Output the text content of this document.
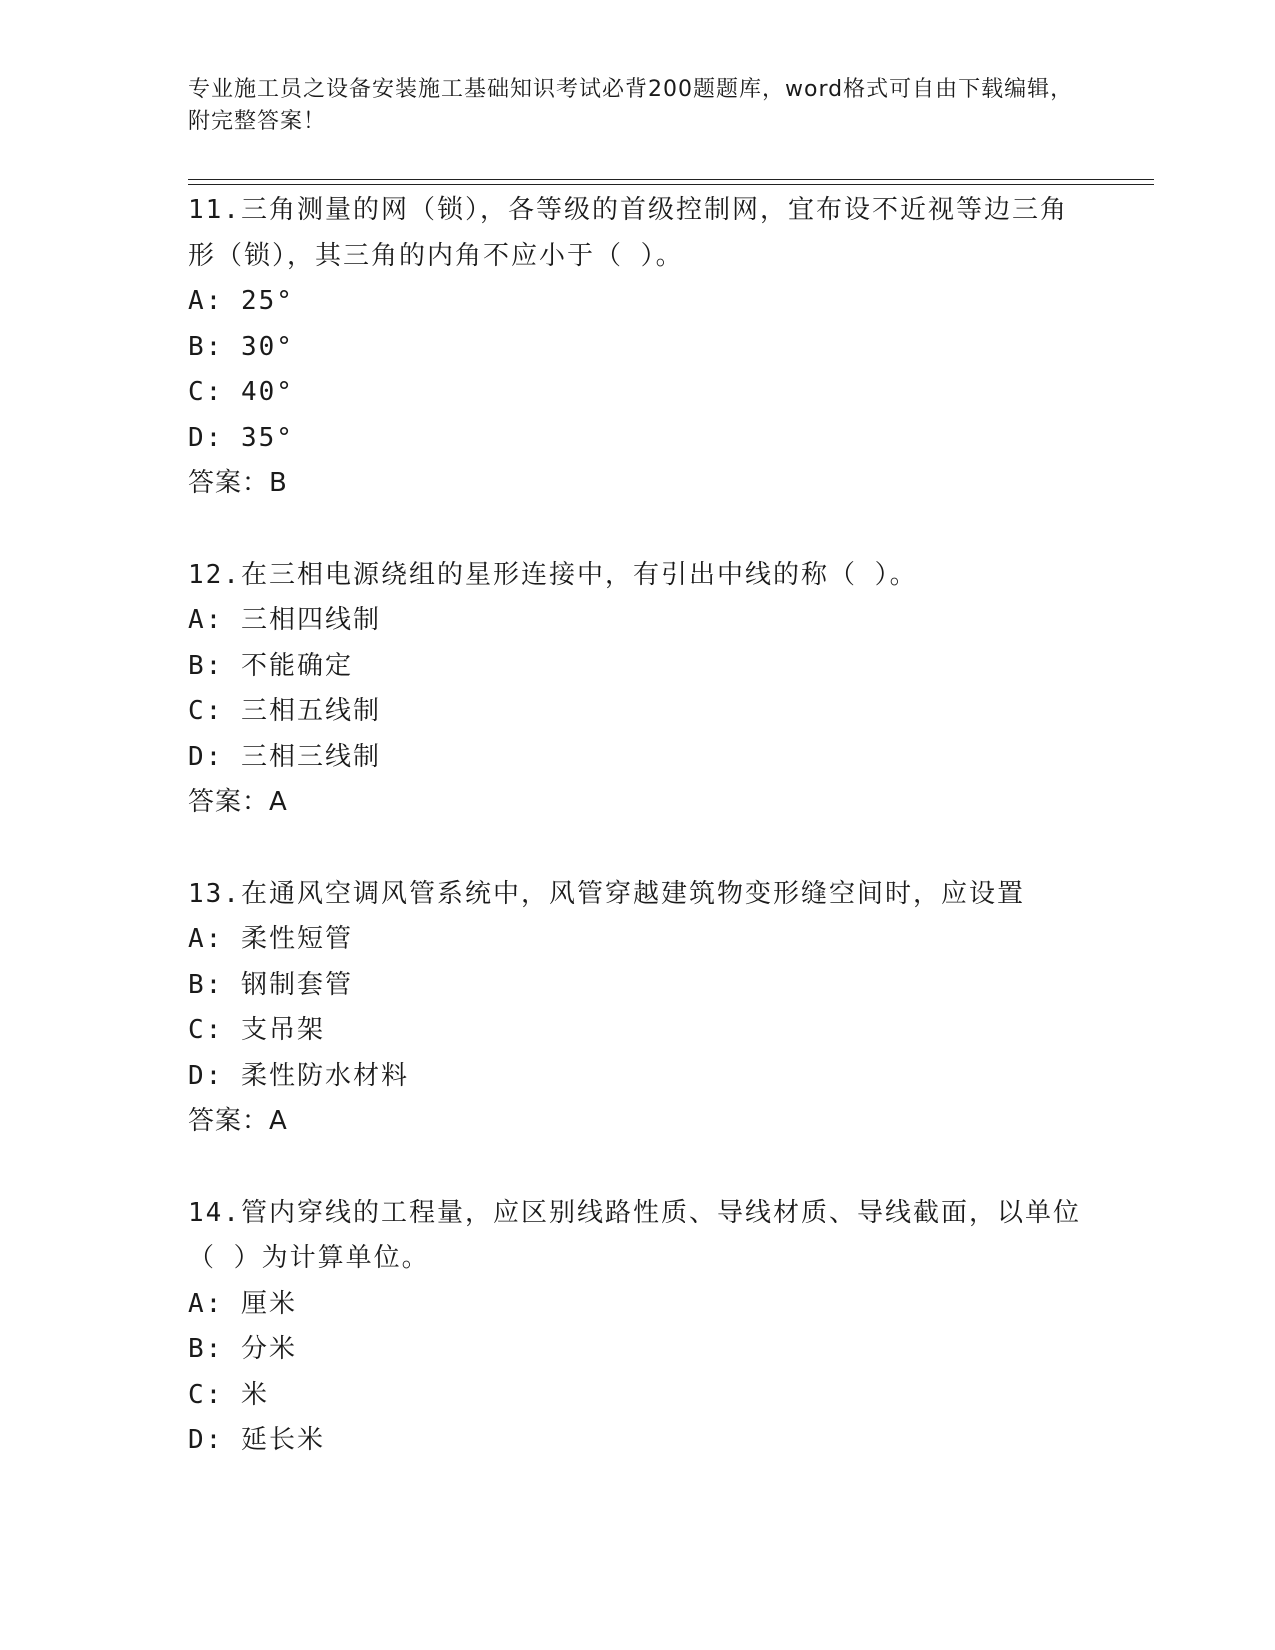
专业施工员之设备安装施工基础知识考试必背200题题库，word格式可自由下载编辑，附完整答案！

11.三角测量的网（锁），各等级的首级控制网，宜布设不近视等边三角形（锁），其三角的内角不应小于（ ）。

A: 25°

B: 30°

C: 40°

D: 35°

答案：B

12.在三相电源绕组的星形连接中，有引出中线的称（ ）。

A: 三相四线制

B: 不能确定

C: 三相五线制

D: 三相三线制

答案：A

13.在通风空调风管系统中，风管穿越建筑物变形缝空间时，应设置

A: 柔性短管

B: 钢制套管

C: 支吊架

D: 柔性防水材料

答案：A

14.管内穿线的工程量，应区别线路性质、导线材质、导线截面，以单位（ ）为计算单位。

A: 厘米

B: 分米

C: 米

D: 延长米
